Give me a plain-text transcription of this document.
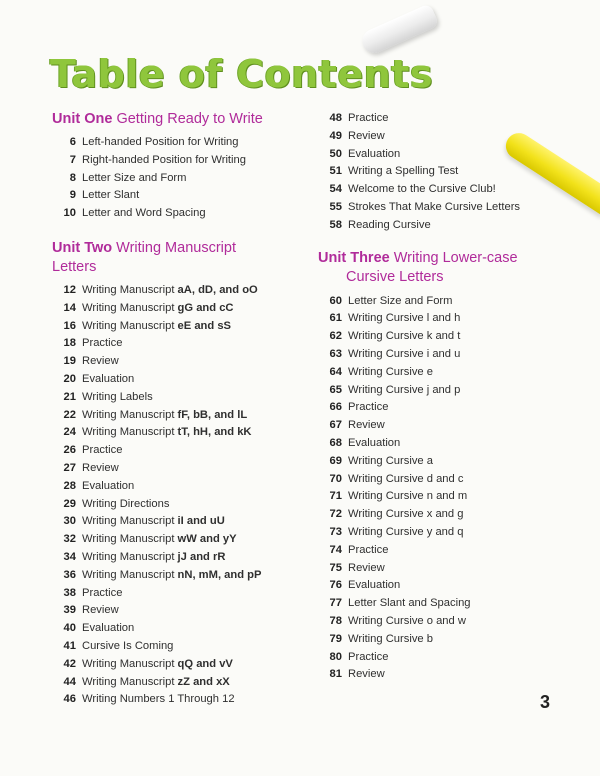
Table of Contents
Unit One Getting Ready to Write
6 Left-handed Position for Writing
7 Right-handed Position for Writing
8 Letter Size and Form
9 Letter Slant
10 Letter and Word Spacing
Unit Two Writing Manuscript
Letters
12 Writing Manuscript aA, dD, and oO
14 Writing Manuscript gG and cC
16 Writing Manuscript eE and sS
18 Practice
19 Review
20 Evaluation
21 Writing Labels
22 Writing Manuscript fF, bB, and lL
24 Writing Manuscript tT, hH, and kK
26 Practice
27 Review
28 Evaluation
29 Writing Directions
30 Writing Manuscript iI and uU
32 Writing Manuscript wW and yY
34 Writing Manuscript jJ and rR
36 Writing Manuscript nN, mM, and pP
38 Practice
39 Review
40 Evaluation
41 Cursive Is Coming
42 Writing Manuscript qQ and vV
44 Writing Manuscript zZ and xX
46 Writing Numbers 1 Through 12
48 Practice
49 Review
50 Evaluation
51 Writing a Spelling Test
54 Welcome to the Cursive Club!
55 Strokes That Make Cursive Letters
58 Reading Cursive
Unit Three Writing Lower-case
Cursive Letters
60 Letter Size and Form
61 Writing Cursive l and h
62 Writing Cursive k and t
63 Writing Cursive i and u
64 Writing Cursive e
65 Writing Cursive j and p
66 Practice
67 Review
68 Evaluation
69 Writing Cursive a
70 Writing Cursive d and c
71 Writing Cursive n and m
72 Writing Cursive x and g
73 Writing Cursive y and q
74 Practice
75 Review
76 Evaluation
77 Letter Slant and Spacing
78 Writing Cursive o and w
79 Writing Cursive b
80 Practice
81 Review
3
